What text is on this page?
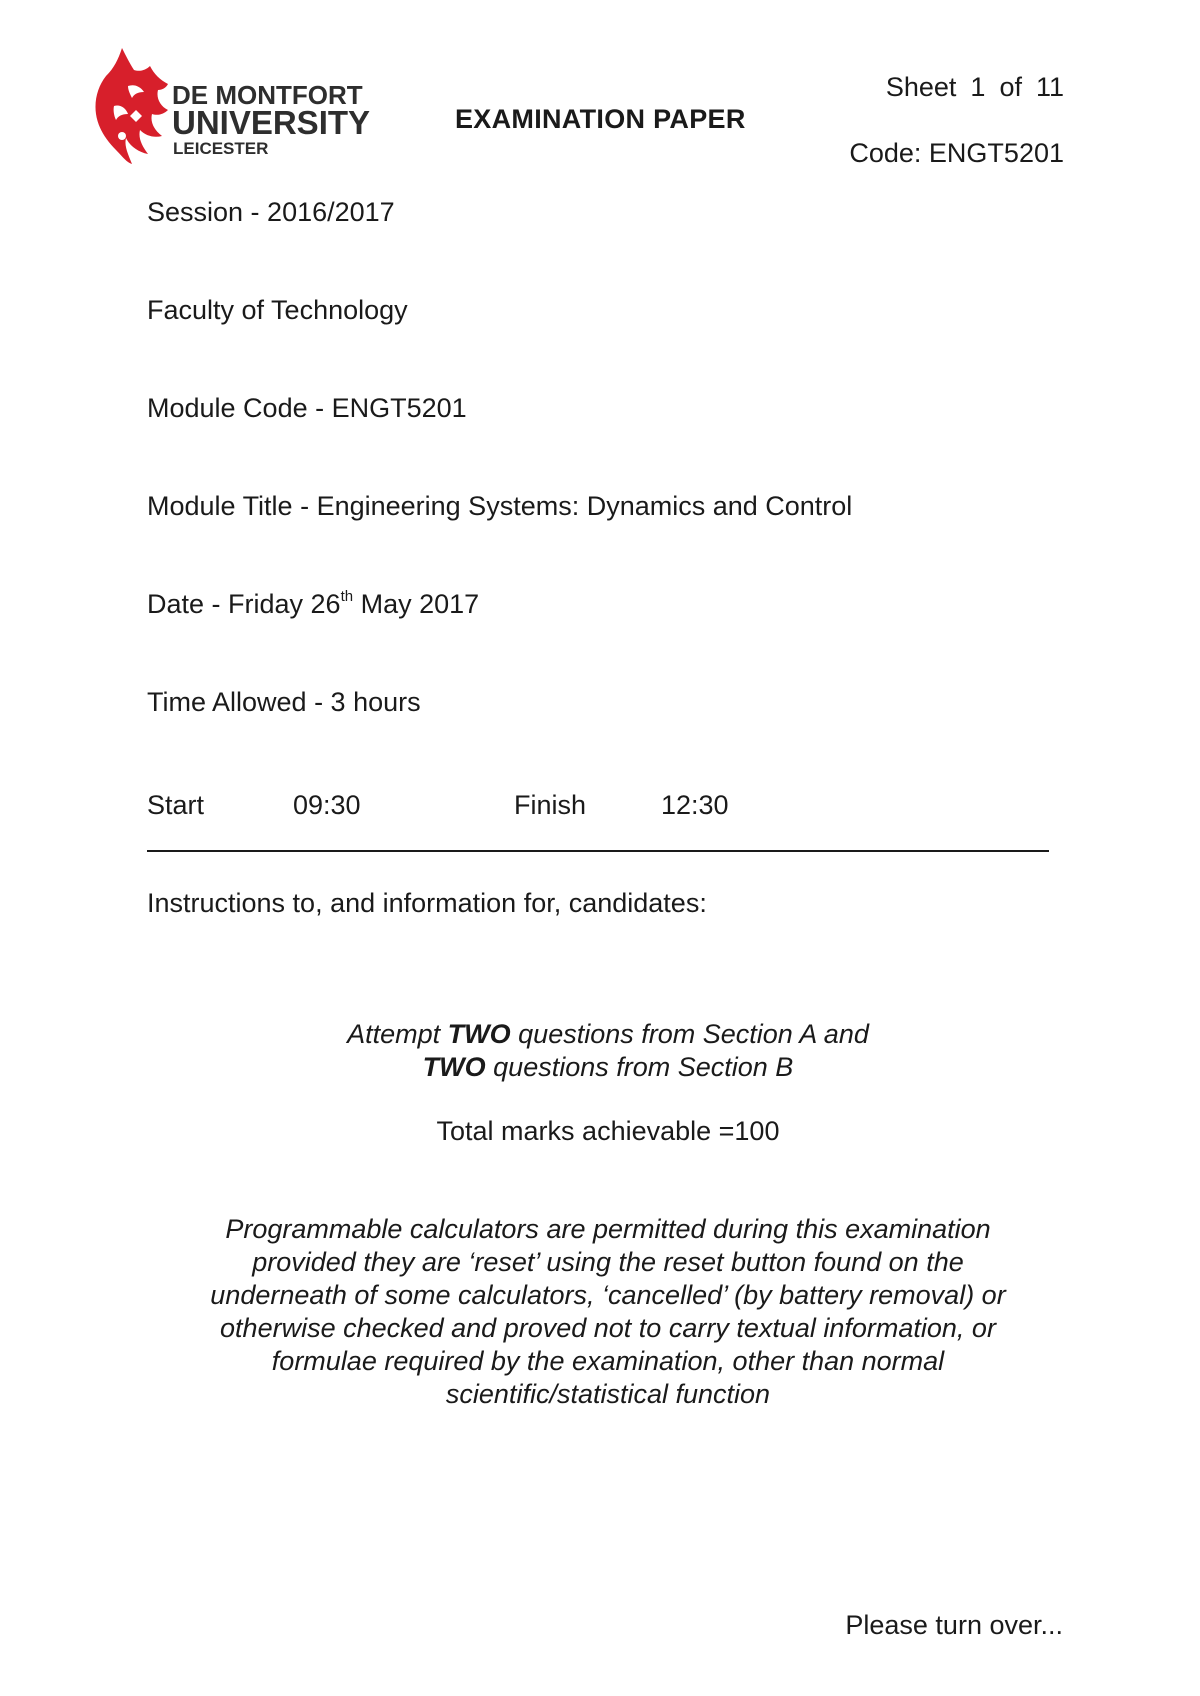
DE MONTFORT
UNIVERSITY
LEICESTER
EXAMINATION PAPER
Sheet 1 of 11
Code: ENGT5201
Session - 2016/2017
Faculty of Technology
Module Code - ENGT5201
Module Title - Engineering Systems: Dynamics and Control
Date - Friday 26th May 2017
Time Allowed - 3 hours
Start	09:30	Finish	12:30
Instructions to, and information for, candidates:
Attempt TWO questions from Section A and
TWO questions from Section B
Total marks achievable =100
Programmable calculators are permitted during this examination
provided they are ‘reset’ using the reset button found on the
underneath of some calculators, ‘cancelled’ (by battery removal) or
otherwise checked and proved not to carry textual information, or
formulae required by the examination, other than normal
scientific/statistical function
Please turn over...
